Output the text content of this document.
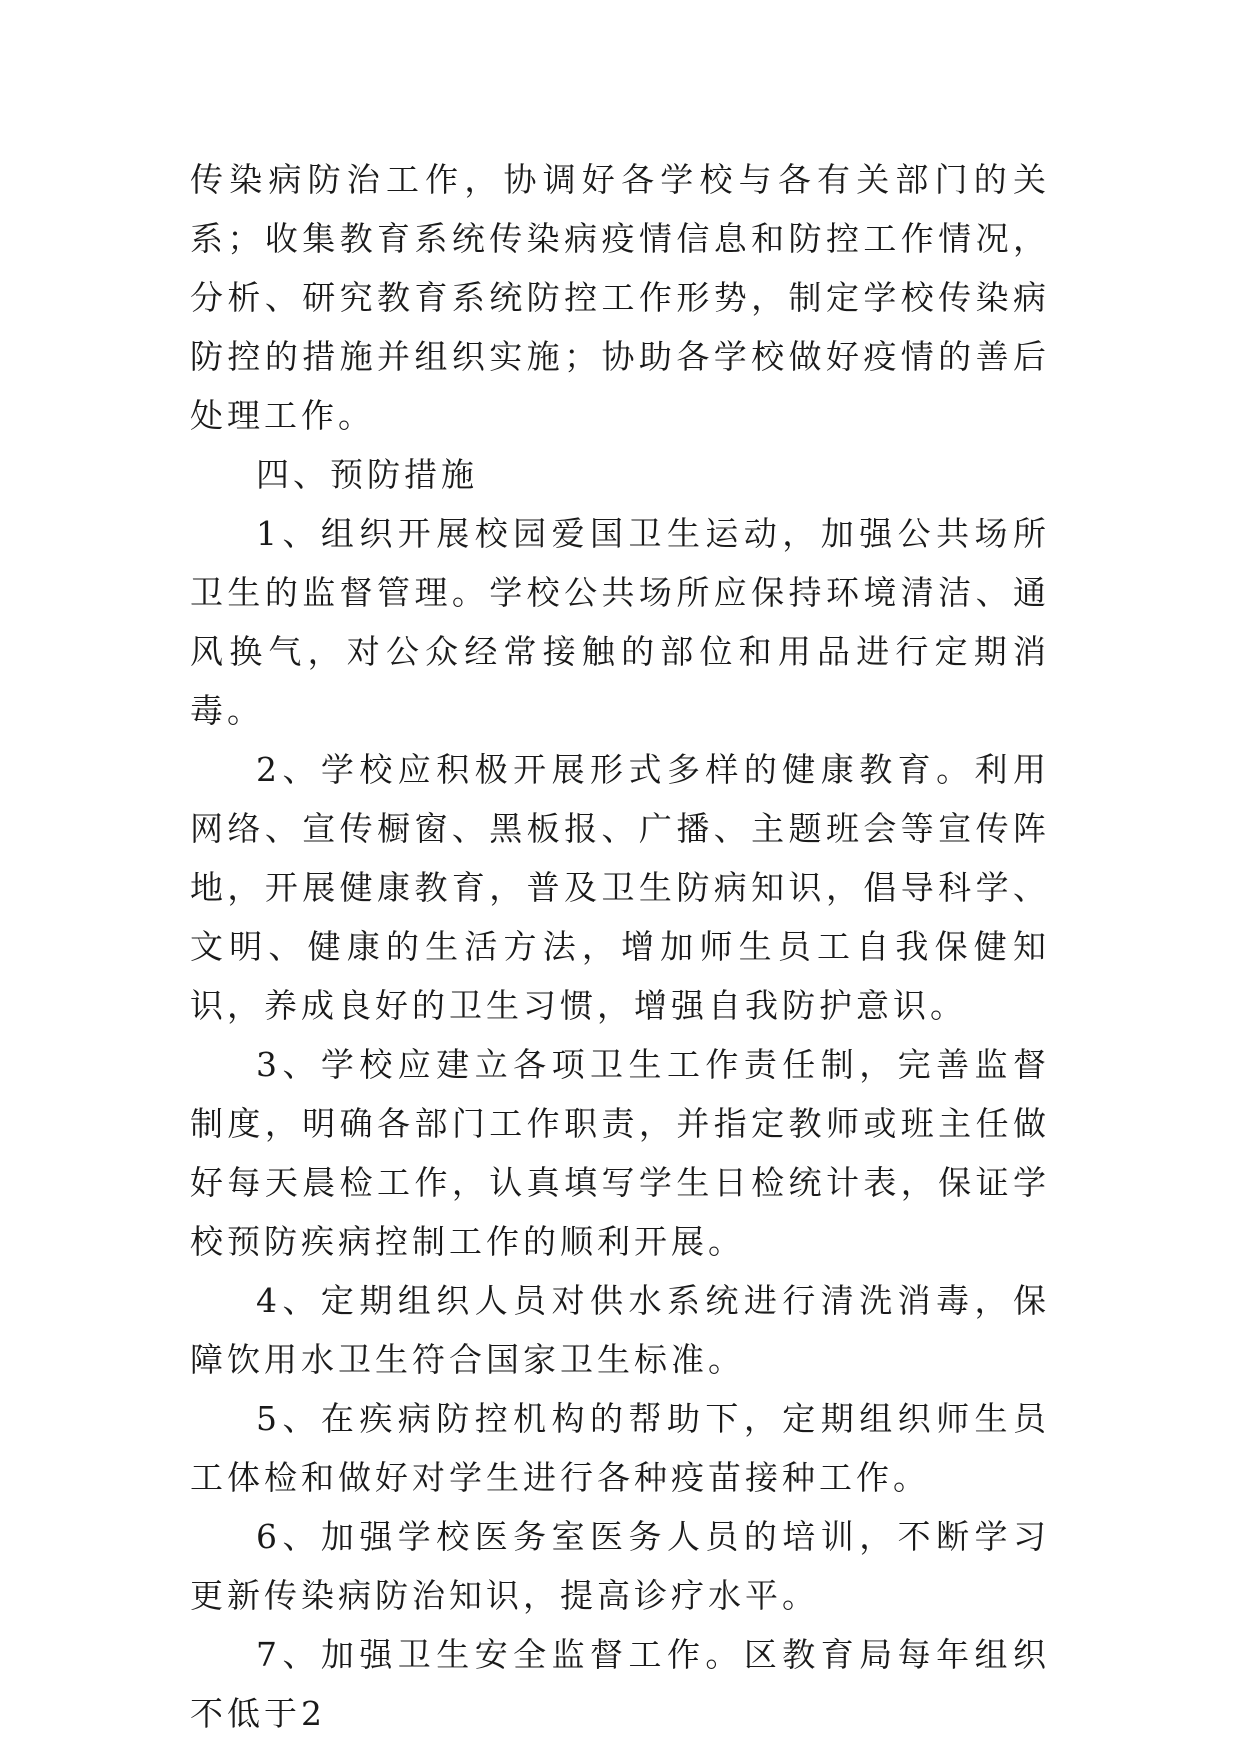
传染病防治工作，协调好各学校与各有关部门的关系；收集教育系统传染病疫情信息和防控工作情况，分析、研究教育系统防控工作形势，制定学校传染病防控的措施并组织实施；协助各学校做好疫情的善后处理工作。

四、预防措施

1、组织开展校园爱国卫生运动，加强公共场所卫生的监督管理。学校公共场所应保持环境清洁、通风换气，对公众经常接触的部位和用品进行定期消毒。

2、学校应积极开展形式多样的健康教育。利用网络、宣传橱窗、黑板报、广播、主题班会等宣传阵地，开展健康教育，普及卫生防病知识，倡导科学、文明、健康的生活方法，增加师生员工自我保健知识，养成良好的卫生习惯，增强自我防护意识。

3、学校应建立各项卫生工作责任制，完善监督制度，明确各部门工作职责，并指定教师或班主任做好每天晨检工作，认真填写学生日检统计表，保证学校预防疾病控制工作的顺利开展。

4、定期组织人员对供水系统进行清洗消毒，保障饮用水卫生符合国家卫生标准。

5、在疾病防控机构的帮助下，定期组织师生员工体检和做好对学生进行各种疫苗接种工作。

6、加强学校医务室医务人员的培训，不断学习更新传染病防治知识，提高诊疗水平。

7、加强卫生安全监督工作。区教育局每年组织不低于2
